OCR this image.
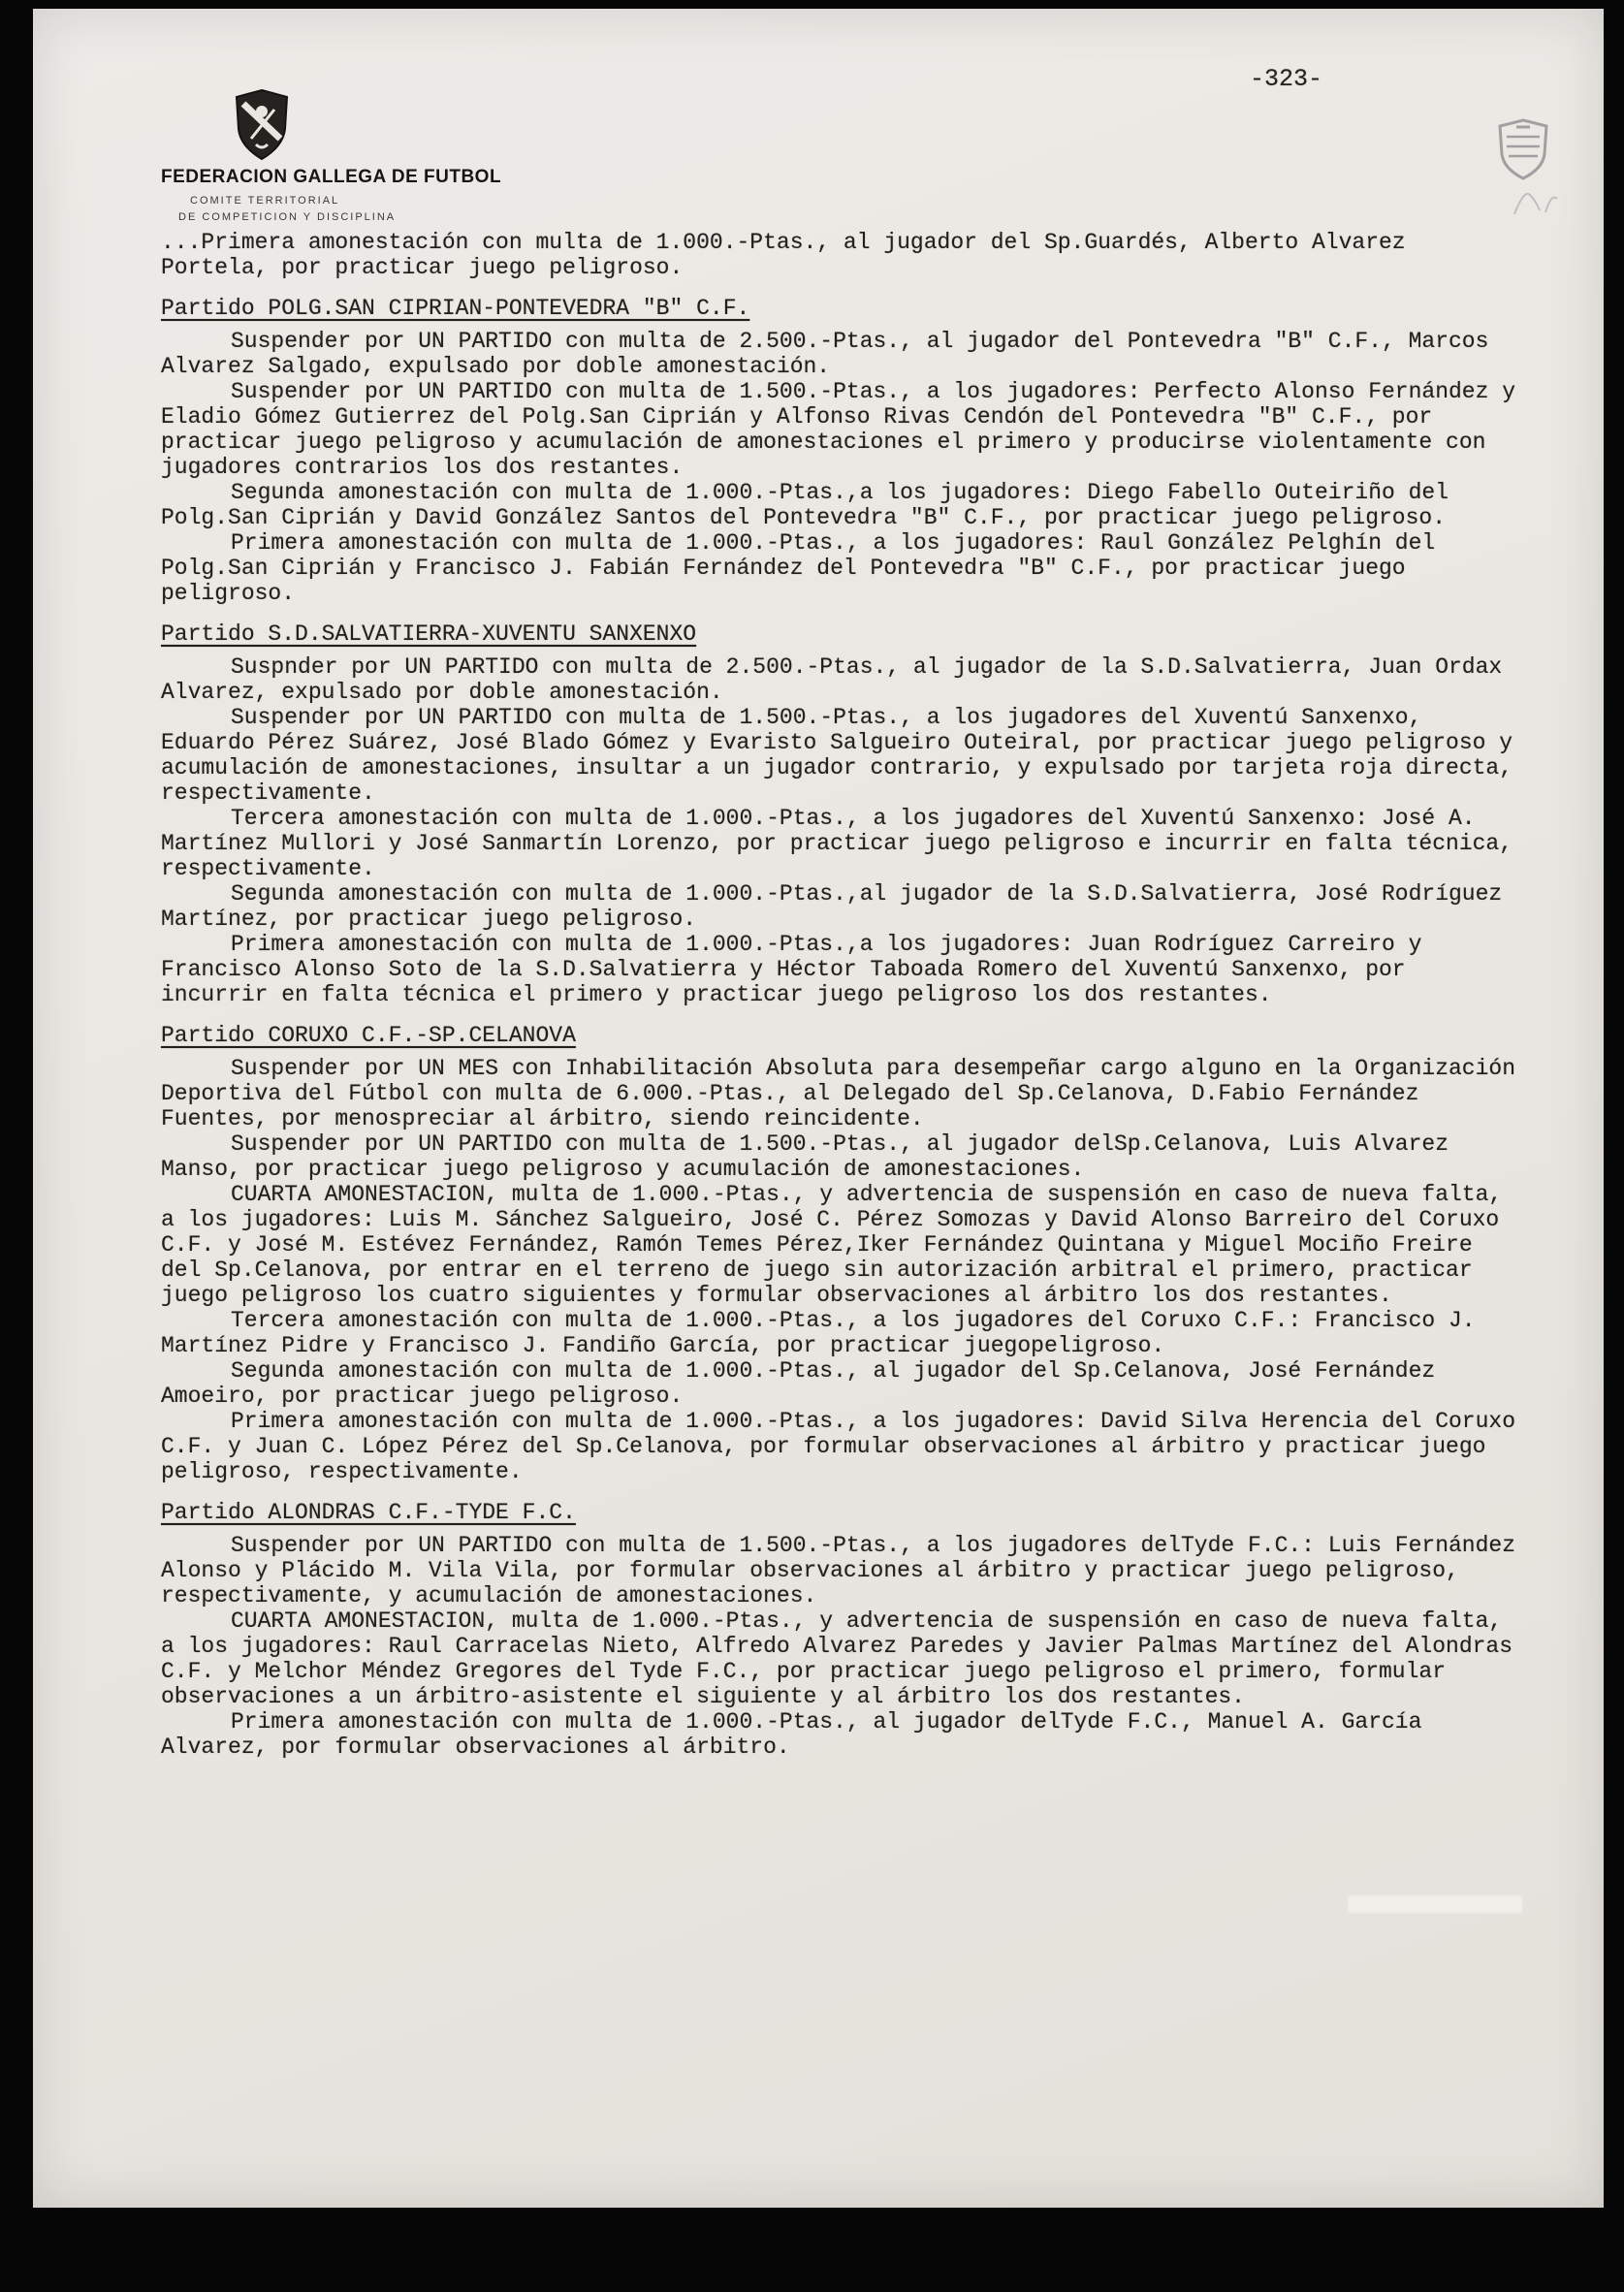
-323-
FEDERACION GALLEGA DE FUTBOL
COMITE TERRITORIAL
DE COMPETICION Y DISCIPLINA

...Primera amonestación con multa de 1.000.-Ptas., al jugador del Sp.Guardés, Alberto Alvarez Portela, por practicar juego peligroso.

Partido POLG.SAN CIPRIAN-PONTEVEDRA "B" C.F.

Suspender por UN PARTIDO con multa de 2.500.-Ptas., al jugador del Pontevedra "B" C.F., Marcos Alvarez Salgado, expulsado por doble amonestación.

Suspender por UN PARTIDO con multa de 1.500.-Ptas., a los jugadores: Perfecto Alonso Fernández y Eladio Gómez Gutierrez del Polg.San Ciprián y Alfonso Rivas Cendón del Pontevedra "B" C.F., por practicar juego peligroso y acumulación de amonestaciones el primero y producirse violentamente con jugadores contrarios los dos restantes.

Segunda amonestación con multa de 1.000.-Ptas.,a los jugadores: Diego Fabello Outeiriño del Polg.San Ciprián y David González Santos del Pontevedra "B" C.F., por practicar juego peligroso.

Primera amonestación con multa de 1.000.-Ptas., a los jugadores: Raul González Pelghín del Polg.San Ciprián y Francisco J. Fabián Fernández del Pontevedra "B" C.F., por practicar juego peligroso.

Partido S.D.SALVATIERRA-XUVENTU SANXENXO

Suspnder por UN PARTIDO con multa de 2.500.-Ptas., al jugador de la S.D.Salvatierra, Juan Ordax Alvarez, expulsado por doble amonestación.

Suspender por UN PARTIDO con multa de 1.500.-Ptas., a los jugadores del Xuventú Sanxenxo, Eduardo Pérez Suárez, José Blado Gómez y Evaristo Salgueiro Outeiral, por practicar juego peligroso y acumulación de amonestaciones, insultar a un jugador contrario, y expulsado por tarjeta roja directa, respectivamente.

Tercera amonestación con multa de 1.000.-Ptas., a los jugadores del Xuventú Sanxenxo: José A. Martínez Mullori y José Sanmartín Lorenzo, por practicar juego peligroso e incurrir en falta técnica, respectivamente.

Segunda amonestación con multa de 1.000.-Ptas.,al jugador de la S.D.Salvatierra, José Rodríguez Martínez, por practicar juego peligroso.

Primera amonestación con multa de 1.000.-Ptas.,a los jugadores: Juan Rodríguez Carreiro y Francisco Alonso Soto de la S.D.Salvatierra y Héctor Taboada Romero del Xuventú Sanxenxo, por incurrir en falta técnica el primero y practicar juego peligroso los dos restantes.

Partido CORUXO C.F.-SP.CELANOVA

Suspender por UN MES con Inhabilitación Absoluta para desempeñar cargo alguno en la Organización Deportiva del Fútbol con multa de 6.000.-Ptas., al Delegado del Sp.Celanova, D.Fabio Fernández Fuentes, por menospreciar al árbitro, siendo reincidente.

Suspender por UN PARTIDO con multa de 1.500.-Ptas., al jugador delSp.Celanova, Luis Alvarez Manso, por practicar juego peligroso y acumulación de amonestaciones.

CUARTA AMONESTACION, multa de 1.000.-Ptas., y advertencia de suspensión en caso de nueva falta, a los jugadores: Luis M. Sánchez Salgueiro, José C. Pérez Somozas y David Alonso Barreiro del Coruxo C.F. y José M. Estévez Fernández, Ramón Temes Pérez,Iker Fernández Quintana y Miguel Mociño Freire del Sp.Celanova, por entrar en el terreno de juego sin autorización arbitral el primero, practicar juego peligroso los cuatro siguientes y formular observaciones al árbitro los dos restantes.

Tercera amonestación con multa de 1.000.-Ptas., a los jugadores del Coruxo C.F.: Francisco J. Martínez Pidre y Francisco J. Fandiño García, por practicar juegopeligroso.

Segunda amonestación con multa de 1.000.-Ptas., al jugador del Sp.Celanova, José Fernández Amoeiro, por practicar juego peligroso.

Primera amonestación con multa de 1.000.-Ptas., a los jugadores: David Silva Herencia del Coruxo C.F. y Juan C. López Pérez del Sp.Celanova, por formular observaciones al árbitro y practicar juego peligroso, respectivamente.

Partido ALONDRAS C.F.-TYDE F.C.

Suspender por UN PARTIDO con multa de 1.500.-Ptas., a los jugadores delTyde F.C.: Luis Fernández Alonso y Plácido M. Vila Vila, por formular observaciones al árbitro y practicar juego peligroso, respectivamente, y acumulación de amonestaciones.

CUARTA AMONESTACION, multa de 1.000.-Ptas., y advertencia de suspensión en caso de nueva falta, a los jugadores: Raul Carracelas Nieto, Alfredo Alvarez Paredes y Javier Palmas Martínez del Alondras C.F. y Melchor Méndez Gregores del Tyde F.C., por practicar juego peligroso el primero, formular observaciones a un árbitro-asistente el siguiente y al árbitro los dos restantes.

Primera amonestación con multa de 1.000.-Ptas., al jugador delTyde F.C., Manuel A. García Alvarez, por formular observaciones al árbitro.
